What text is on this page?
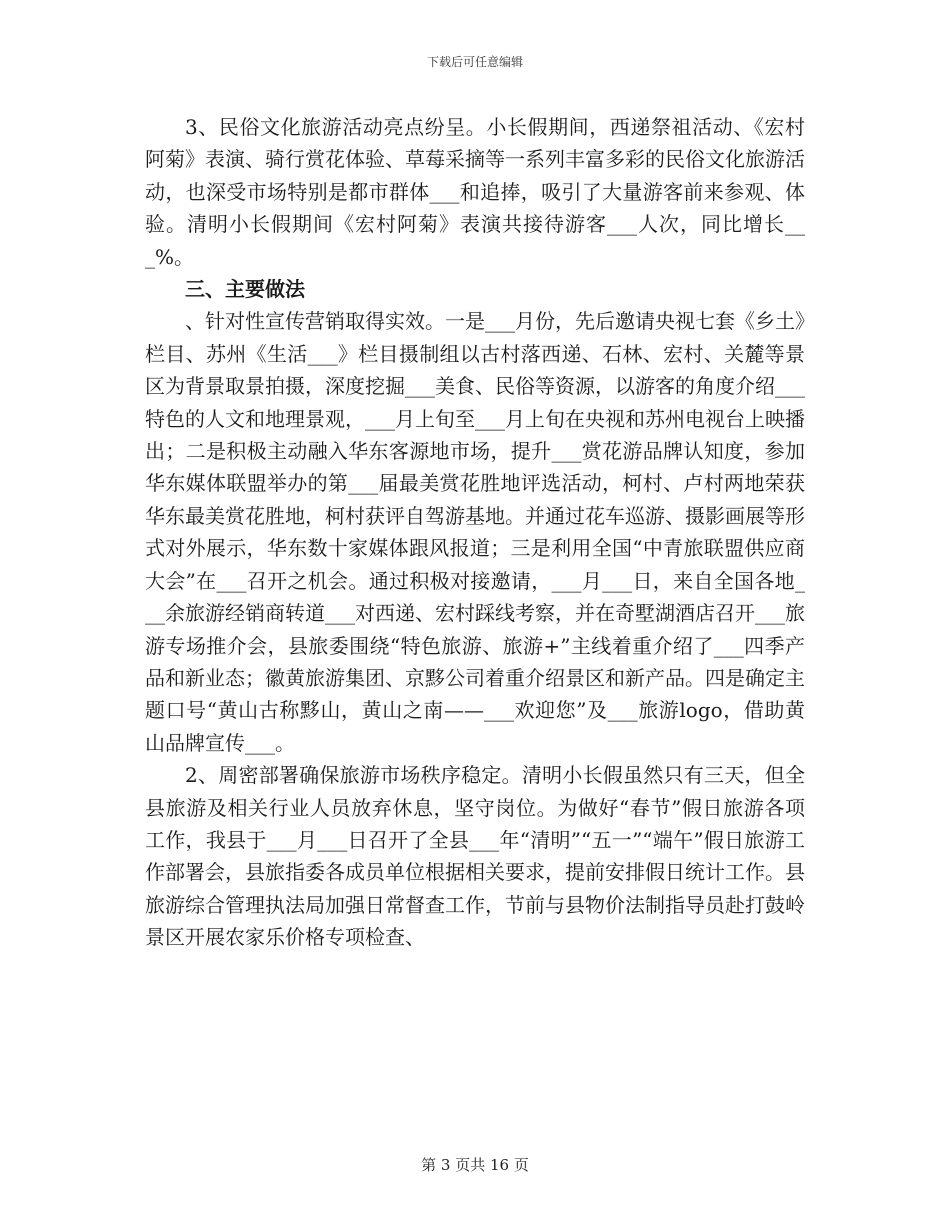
下载后可任意编辑

3、民俗文化旅游活动亮点纷呈。小长假期间，西递祭祖活动、《宏村阿菊》表演、骑行赏花体验、草莓采摘等一系列丰富多彩的民俗文化旅游活动，也深受市场特别是都市群体___和追捧，吸引了大量游客前来参观、体验。清明小长假期间《宏村阿菊》表演共接待游客___人次，同比增长___%。

三、主要做法

、针对性宣传营销取得实效。一是___月份，先后邀请央视七套《乡土》栏目、苏州《生活___》栏目摄制组以古村落西递、石林、宏村、关麓等景区为背景取景拍摄，深度挖掘___美食、民俗等资源，以游客的角度介绍___特色的人文和地理景观，___月上旬至___月上旬在央视和苏州电视台上映播出；二是积极主动融入华东客源地市场，提升___赏花游品牌认知度，参加华东媒体联盟举办的第___届最美赏花胜地评选活动，柯村、卢村两地荣获华东最美赏花胜地，柯村获评自驾游基地。并通过花车巡游、摄影画展等形式对外展示，华东数十家媒体跟风报道；三是利用全国“中青旅联盟供应商大会”在___召开之机会。通过积极对接邀请，___月___日，来自全国各地___余旅游经销商转道___对西递、宏村踩线考察，并在奇墅湖酒店召开___旅游专场推介会，县旅委围绕“特色旅游、旅游+”主线着重介绍了___四季产品和新业态；徽黄旅游集团、京黟公司着重介绍景区和新产品。四是确定主题口号“黄山古称黟山，黄山之南——___欢迎您”及___旅游logo，借助黄山品牌宣传___。

2、周密部署确保旅游市场秩序稳定。清明小长假虽然只有三天，但全县旅游及相关行业人员放弃休息，坚守岗位。为做好“春节”假日旅游各项工作，我县于___月___日召开了全县___年“清明”“五一”“端午”假日旅游工作部署会，县旅指委各成员单位根据相关要求，提前安排假日统计工作。县旅游综合管理执法局加强日常督查工作，节前与县物价法制指导员赴打鼓岭景区开展农家乐价格专项检查、

第 3 页共 16 页
